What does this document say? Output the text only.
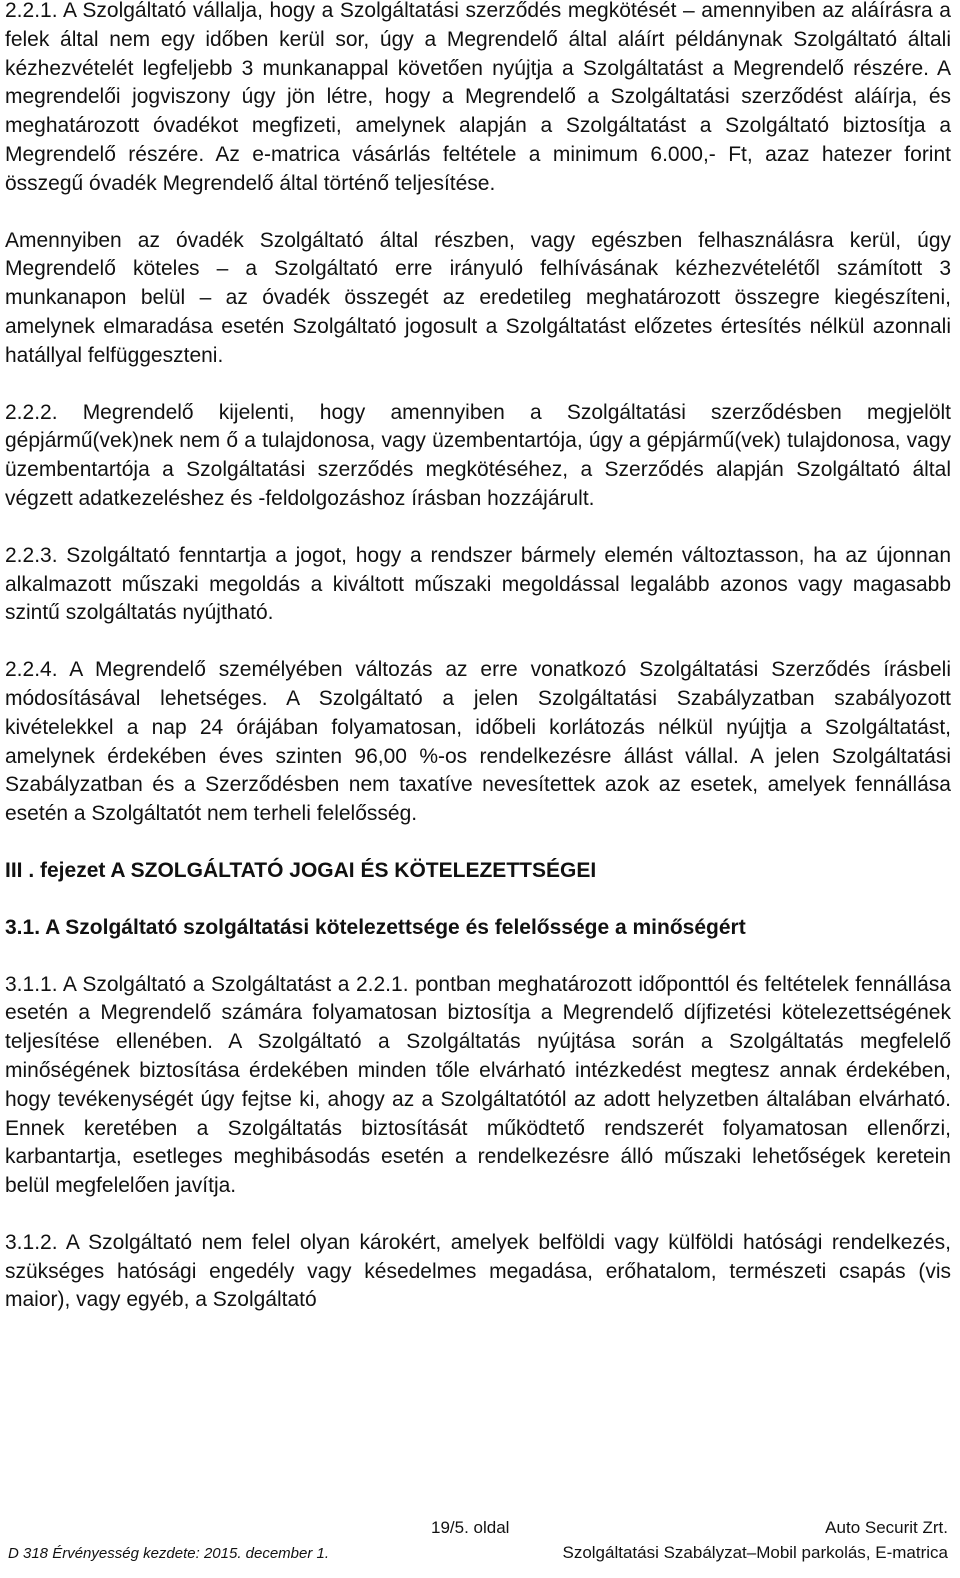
2.2.1. A Szolgáltató vállalja, hogy a Szolgáltatási szerződés megkötését – amennyiben az aláírásra a felek által nem egy időben kerül sor, úgy a Megrendelő által aláírt példánynak Szolgáltató általi kézhezvételét legfeljebb 3 munkanappal követően nyújtja a Szolgáltatást a Megrendelő részére. A megrendelői jogviszony úgy jön létre, hogy a Megrendelő a Szolgáltatási szerződést aláírja, és meghatározott óvadékot megfizeti, amelynek alapján a Szolgáltatást a Szolgáltató biztosítja a Megrendelő részére. Az e-matrica vásárlás feltétele a minimum 6.000,- Ft, azaz hatezer forint összegű óvadék Megrendelő által történő teljesítése.

Amennyiben az óvadék Szolgáltató által részben, vagy egészben felhasználásra kerül, úgy Megrendelő köteles – a Szolgáltató erre irányuló felhívásának kézhezvételétől számított 3 munkanapon belül – az óvadék összegét az eredetileg meghatározott összegre kiegészíteni, amelynek elmaradása esetén Szolgáltató jogosult a Szolgáltatást előzetes értesítés nélkül azonnali hatállyal felfüggeszteni.

2.2.2. Megrendelő kijelenti, hogy amennyiben a Szolgáltatási szerződésben megjelölt gépjármű(vek)nek nem ő a tulajdonosa, vagy üzembentartója, úgy a gépjármű(vek) tulajdonosa, vagy üzembentartója a Szolgáltatási szerződés megkötéséhez, a Szerződés alapján Szolgáltató által végzett adatkezeléshez és -feldolgozáshoz írásban hozzájárult.

2.2.3. Szolgáltató fenntartja a jogot, hogy a rendszer bármely elemén változtasson, ha az újonnan alkalmazott műszaki megoldás a kiváltott műszaki megoldással legalább azonos vagy magasabb szintű szolgáltatás nyújtható.

2.2.4. A Megrendelő személyében változás az erre vonatkozó Szolgáltatási Szerződés írásbeli módosításával lehetséges. A Szolgáltató a jelen Szolgáltatási Szabályzatban szabályozott kivételekkel a nap 24 órájában folyamatosan, időbeli korlátozás nélkül nyújtja a Szolgáltatást, amelynek érdekében éves szinten 96,00 %-os rendelkezésre állást vállal. A jelen Szolgáltatási Szabályzatban és a Szerződésben nem taxatíve nevesítettek azok az esetek, amelyek fennállása esetén a Szolgáltatót nem terheli felelősség.

III . fejezet A SZOLGÁLTATÓ JOGAI ÉS KÖTELEZETTSÉGEI
3.1. A Szolgáltató szolgáltatási kötelezettsége és felelőssége a minőségért

3.1.1. A Szolgáltató a Szolgáltatást a 2.2.1. pontban meghatározott időponttól és feltételek fennállása esetén a Megrendelő számára folyamatosan biztosítja a Megrendelő díjfizetési kötelezettségének teljesítése ellenében. A Szolgáltató a Szolgáltatás nyújtása során a Szolgáltatás megfelelő minőségének biztosítása érdekében minden tőle elvárható intézkedést megtesz annak érdekében, hogy tevékenységét úgy fejtse ki, ahogy az a Szolgáltatótól az adott helyzetben általában elvárható. Ennek keretében a Szolgáltatás biztosítását működtető rendszerét folyamatosan ellenőrzi, karbantartja, esetleges meghibásodás esetén a rendelkezésre álló műszaki lehetőségek keretein belül megfelelően javítja.

3.1.2. A Szolgáltató nem felel olyan károkért, amelyek belföldi vagy külföldi hatósági rendelkezés, szükséges hatósági engedély vagy késedelmes megadása, erőhatalom, természeti csapás (vis maior), vagy egyéb, a Szolgáltató

19/5. oldal	Auto Securit Zrt.
D 318 Érvényesség kezdete: 2015. december 1.	Szolgáltatási Szabályzat–Mobil parkolás, E-matrica
